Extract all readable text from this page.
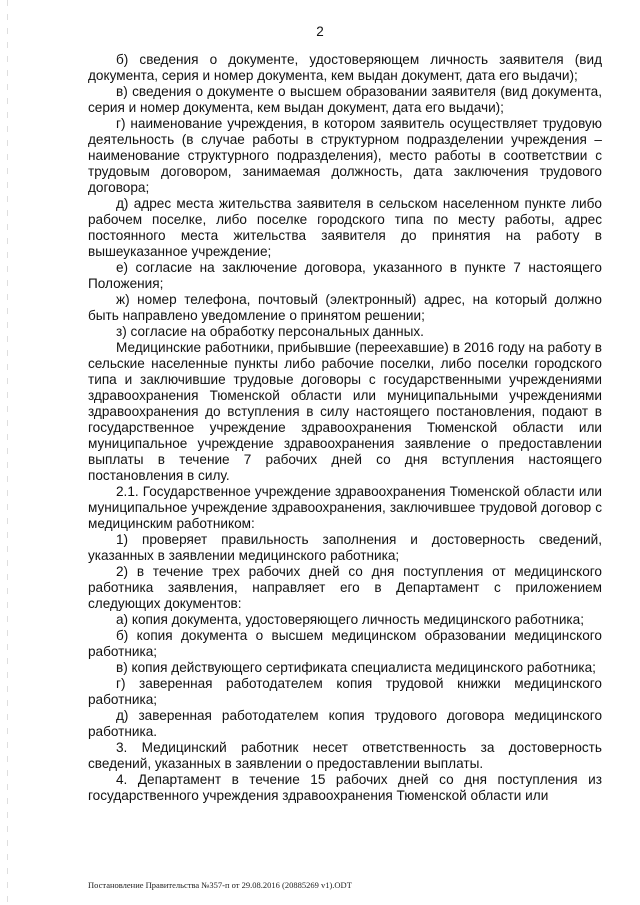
2

б) сведения о документе, удостоверяющем личность заявителя (вид документа, серия и номер документа, кем выдан документ, дата его выдачи);

в) сведения о документе о высшем образовании заявителя (вид документа, серия и номер документа, кем выдан документ, дата его выдачи);

г) наименование учреждения, в котором заявитель осуществляет трудовую деятельность (в случае работы в структурном подразделении учреждения – наименование структурного подразделения), место работы в соответствии с трудовым договором, занимаемая должность, дата заключения трудового договора;

д) адрес места жительства заявителя в сельском населенном пункте либо рабочем поселке, либо поселке городского типа по месту работы, адрес постоянного места жительства заявителя до принятия на работу в вышеуказанное учреждение;

е) согласие на заключение договора, указанного в пункте 7 настоящего Положения;

ж) номер телефона, почтовый (электронный) адрес, на который должно быть направлено уведомление о принятом решении;

з) согласие на обработку персональных данных.

Медицинские работники, прибывшие (переехавшие) в 2016 году на работу в сельские населенные пункты либо рабочие поселки, либо поселки городского типа и заключившие трудовые договоры с государственными учреждениями здравоохранения Тюменской области или муниципальными учреждениями здравоохранения до вступления в силу настоящего постановления, подают в государственное учреждение здравоохранения Тюменской области или муниципальное учреждение здравоохранения заявление о предоставлении выплаты в течение 7 рабочих дней со дня вступления настоящего постановления в силу.

2.1. Государственное учреждение здравоохранения Тюменской области или муниципальное учреждение здравоохранения, заключившее трудовой договор с медицинским работником:

1) проверяет правильность заполнения и достоверность сведений, указанных в заявлении медицинского работника;

2) в течение трех рабочих дней со дня поступления от медицинского работника заявления, направляет его в Департамент с приложением следующих документов:

а) копия документа, удостоверяющего личность медицинского работника;

б) копия документа о высшем медицинском образовании медицинского работника;

в) копия действующего сертификата специалиста медицинского работника;

г) заверенная работодателем копия трудовой книжки медицинского работника;

д) заверенная работодателем копия трудового договора медицинского работника.

3. Медицинский работник несет ответственность за достоверность сведений, указанных в заявлении о предоставлении выплаты.

4. Департамент в течение 15 рабочих дней со дня поступления из государственного учреждения здравоохранения Тюменской области или

Постановление Правительства №357-п от 29.08.2016 (20885269 v1).ODT
